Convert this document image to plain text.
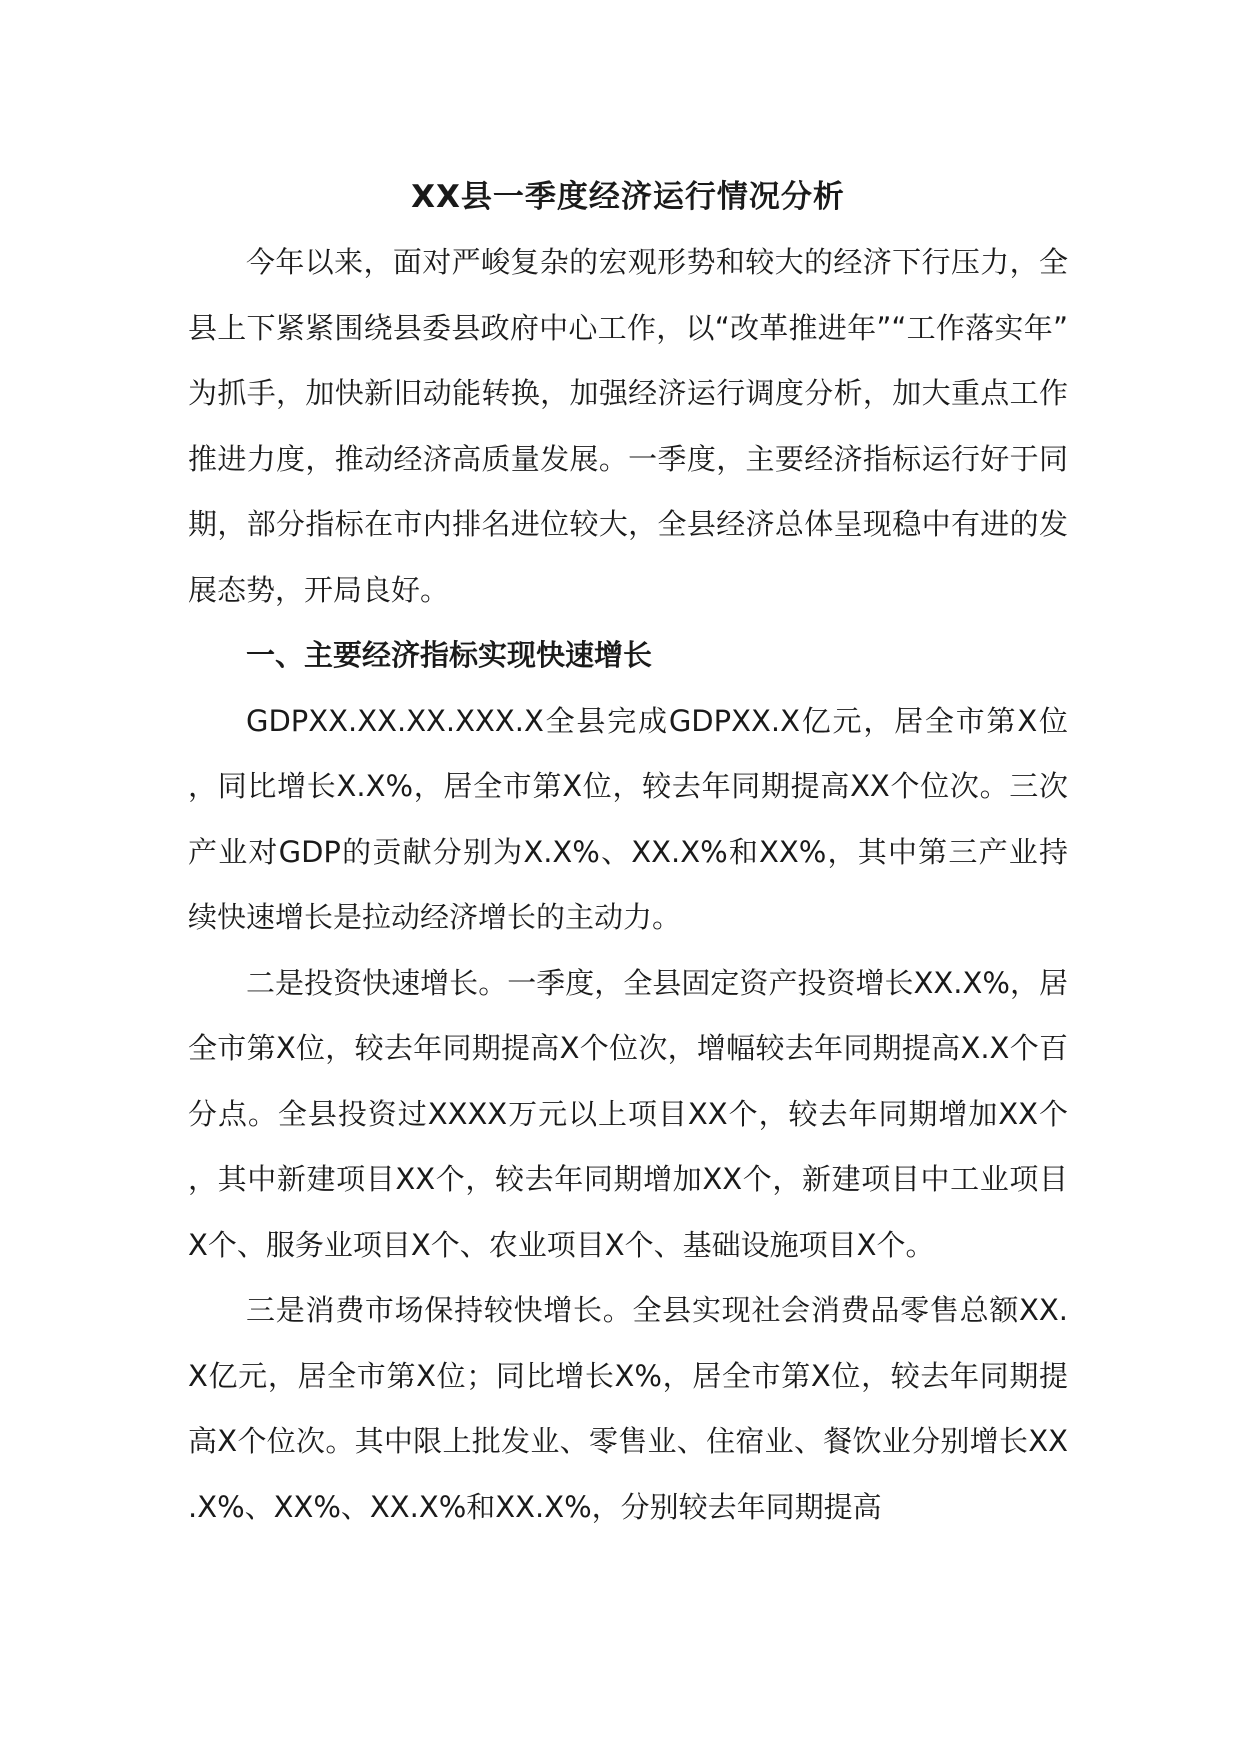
XX县一季度经济运行情况分析

今年以来，面对严峻复杂的宏观形势和较大的经济下行压力，全县上下紧紧围绕县委县政府中心工作，以“改革推进年”“工作落实年”为抓手，加快新旧动能转换，加强经济运行调度分析，加大重点工作推进力度，推动经济高质量发展。一季度，主要经济指标运行好于同期，部分指标在市内排名进位较大，全县经济总体呈现稳中有进的发展态势，开局良好。

一、主要经济指标实现快速增长

GDPXX.XX.XX.XXX.X全县完成GDPXX.X亿元，居全市第X位，同比增长X.X%，居全市第X位，较去年同期提高XX个位次。三次产业对GDP的贡献分别为X.X%、XX.X%和XX%，其中第三产业持续快速增长是拉动经济增长的主动力。

二是投资快速增长。一季度，全县固定资产投资增长XX.X%，居全市第X位，较去年同期提高X个位次，增幅较去年同期提高X.X个百分点。全县投资过XXXX万元以上项目XX个，较去年同期增加XX个，其中新建项目XX个，较去年同期增加XX个，新建项目中工业项目X个、服务业项目X个、农业项目X个、基础设施项目X个。

三是消费市场保持较快增长。全县实现社会消费品零售总额XX.X亿元，居全市第X位；同比增长X%，居全市第X位，较去年同期提高X个位次。其中限上批发业、零售业、住宿业、餐饮业分别增长XX.X%、XX%、XX.X%和XX.X%，分别较去年同期提高
